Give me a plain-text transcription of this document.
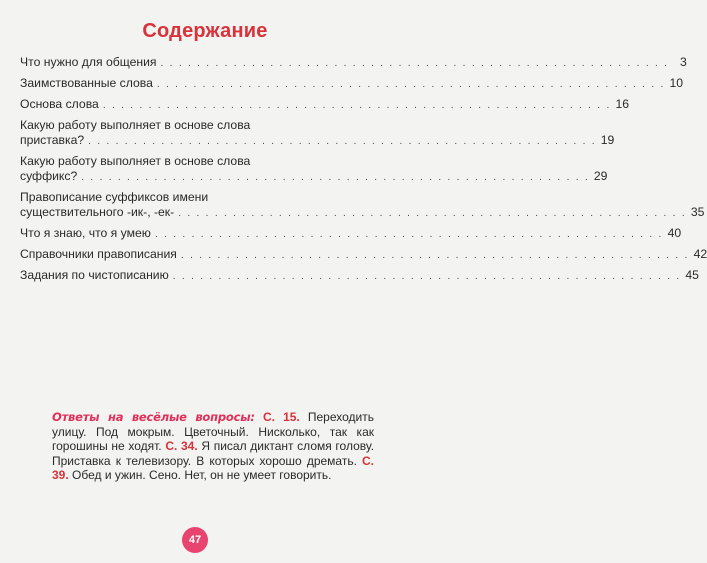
Содержание
Что нужно для общения . . . . . . . . . . . . . . . . . . . . . . . . . . . . . . . . . . . . . . . . . . . . . . . . . . . . . . . . 3
Заимствованные слова . . . . . . . . . . . . . . . . . . . . . . . . . . . . . . . . . . . . . . . . . . . . . . . . . . . . . . . . 10
Основа слова . . . . . . . . . . . . . . . . . . . . . . . . . . . . . . . . . . . . . . . . . . . . . . . . . . . . . . . . 16
Какую работу выполняет в основе слова
приставка? . . . . . . . . . . . . . . . . . . . . . . . . . . . . . . . . . . . . . . . . . . . . . . . . . . . . . . . . 19
Какую работу выполняет в основе слова
суффикс? . . . . . . . . . . . . . . . . . . . . . . . . . . . . . . . . . . . . . . . . . . . . . . . . . . . . . . . . 29
Правописание суффиксов имени
существительного -ик-, -ек- . . . . . . . . . . . . . . . . . . . . . . . . . . . . . . . . . . . . . . . . . . . . . . . . . . . . . . . . 35
Что я знаю, что я умею . . . . . . . . . . . . . . . . . . . . . . . . . . . . . . . . . . . . . . . . . . . . . . . . . . . . . . . . 40
Справочники правописания . . . . . . . . . . . . . . . . . . . . . . . . . . . . . . . . . . . . . . . . . . . . . . . . . . . . . . . . 42
Задания по чистописанию . . . . . . . . . . . . . . . . . . . . . . . . . . . . . . . . . . . . . . . . . . . . . . . . . . . . . . . . 45
Ответы на весёлые вопросы: С. 15. Переходить улицу. Под мокрым. Цветочный. Нисколько, так как горошины не ходят. С. 34. Я писал диктант сломя голову. Приставка к телевизору. В которых хорошо дремать. С. 39. Обед и ужин. Сено. Нет, он не умеет говорить.
47
